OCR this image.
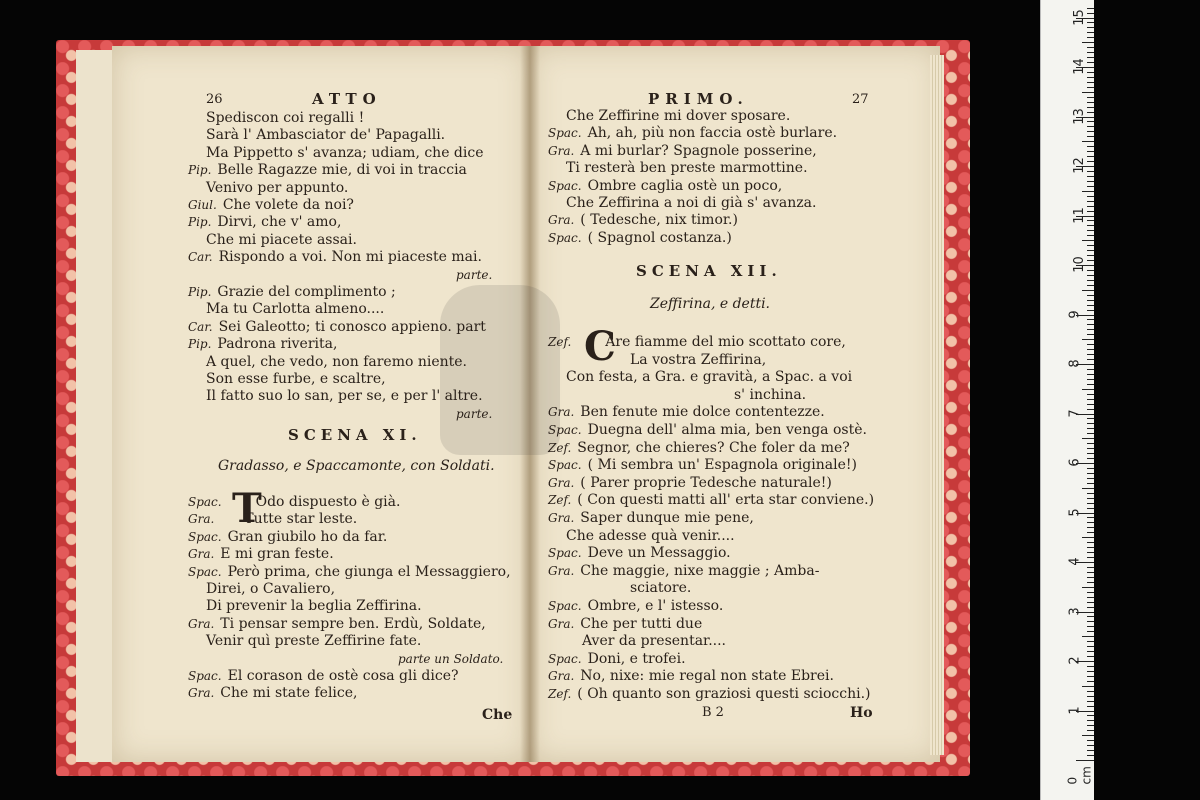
26	ATTO
Spediscon coi regalli !
Sarà l' Ambasciator de' Papagalli.
Ma Pippetto s' avanza; udiam, che dice
Pip. Belle Ragazze mie, di voi in traccia
Venivo per appunto.
Giul. Che volete da noi?
Pip. Dirvi, che v' amo,
Che mi piacete assai.
Car. Rispondo a voi. Non mi piaceste mai.
parte.
Pip. Grazie del complimento ;
Ma tu Carlotta almeno....
Car. Sei Galeotto; ti conosco appieno. part
Pip. Padrona riverita,
A quel, che vedo, non faremo niente.
Son esse furbe, e scaltre,
Il fatto suo lo san, per se, e per l' altre.
parte.
SCENA XI.
Gradasso, e Spaccamonte, con Soldati.
T
Spac. Odo dispuesto è già.
Gra. Tutte star leste.
Spac. Gran giubilo ho da far.
Gra. E mi gran feste.
Spac. Però prima, che giunga el Messaggiero,
Direi, o Cavaliero,
Di prevenir la beglia Zeffirina.
Gra. Ti pensar sempre ben. Erdù, Soldate,
Venir quì preste Zeffirine fate.
parte un Soldato.
Spac. El corason de ostè cosa gli dice?
Gra. Che mi state felice,
Che
PRIMO.	27
Che Zeffirine mi dover sposare.
Spac. Ah, ah, più non faccia ostè burlare.
Gra. A mi burlar? Spagnole posserine,
Ti resterà ben preste marmottine.
Spac. Ombre caglia ostè un poco,
Che Zeffirina a noi di già s' avanza.
Gra. ( Tedesche, nix timor.)
Spac. ( Spagnol costanza.)
SCENA XII.
Zeffirina, e detti.
C
Zef. Are fiamme del mio scottato core,
La vostra Zeffirina,
Con festa, a Gra. e gravità, a Spac. a voi
s' inchina.
Gra. Ben fenute mie dolce contentezze.
Spac. Duegna dell' alma mia, ben venga ostè.
Zef. Segnor, che chieres? Che foler da me?
Spac. ( Mi sembra un' Espagnola originale!)
Gra. ( Parer proprie Tedesche naturale!)
Zef. ( Con questi matti all' erta star conviene.)
Gra. Saper dunque mie pene,
Che adesse quà venir....
Spac. Deve un Messaggio.
Gra. Che maggie, nixe maggie ; Amba-
sciatore.
Spac. Ombre, e l' istesso.
Gra. Che per tutti due
Aver da presentar....
Spac. Doni, e trofei.
Gra. No, nixe: mie regal non state Ebrei.
Zef. ( Oh quanto son graziosi questi sciocchi.)
B 2	Ho
0 cm
1
2
3
4
5
6
7
8
9
10
11
12
13
14
15
